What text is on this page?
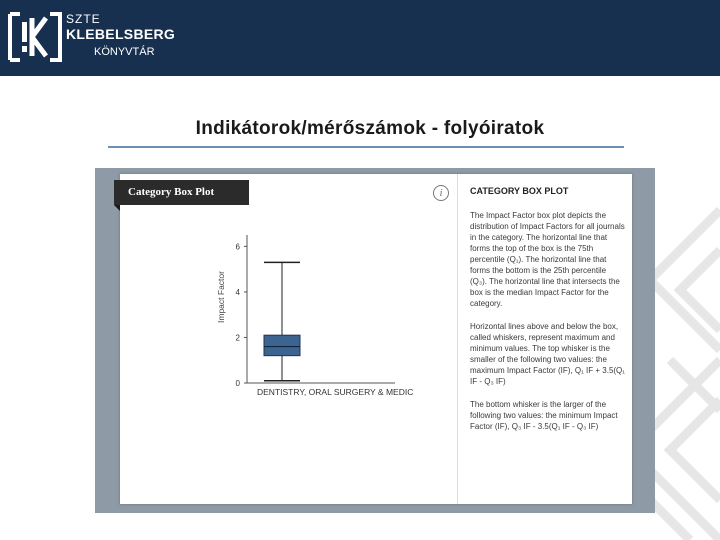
SZTE
KLEBELSBERG
KÖNYVTÁR
Indikátorok/mérőszámok - folyóiratok
Category Box Plot	i
0
2
4
6
Impact Factor
DENTISTRY, ORAL SURGERY & MEDIC
CATEGORY BOX PLOT

The Impact Factor box plot depicts the distribution of Impact Factors for all journals in the category. The horizontal line that forms the top of the box is the 75th percentile (Q₁). The horizontal line that forms the bottom is the 25th percentile (Q₃). The horizontal line that intersects the box is the median Impact Factor for the category.

Horizontal lines above and below the box, called whiskers, represent maximum and minimum values. The top whisker is the smaller of the following two values: the maximum Impact Factor (IF), Q₁ IF + 3.5(Q₁ IF - Q₃ IF)

The bottom whisker is the larger of the following two values: the minimum Impact Factor (IF), Q₃ IF - 3.5(Q₁ IF - Q₃ IF)
